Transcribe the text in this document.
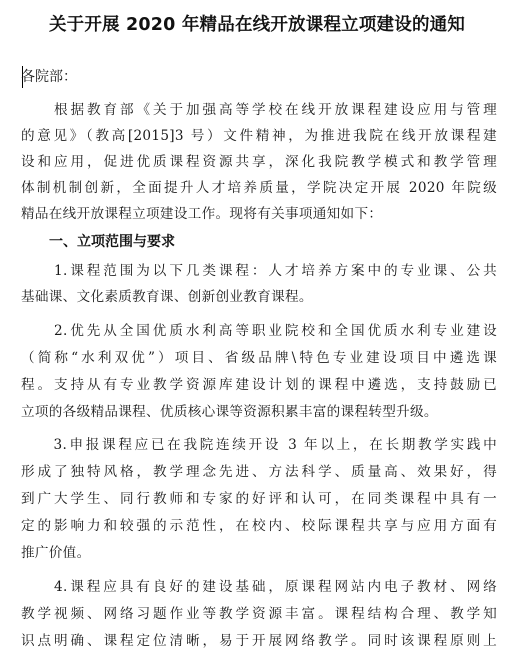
关于开展 2020 年精品在线开放课程立项建设的通知
各院部：
　　根据教育部《关于加强高等学校在线开放课程建设应用与管理
的意见》（教高[2015]3 号）文件精神，为推进我院在线开放课程建
设和应用，促进优质课程资源共享，深化我院教学模式和教学管理
体制机制创新，全面提升人才培养质量，学院决定开展 2020 年院级
精品在线开放课程立项建设工作。现将有关事项通知如下：
一、立项范围与要求
　　1.课程范围为以下几类课程：人才培养方案中的专业课、公共
基础课、文化素质教育课、创新创业教育课程。
　　2.优先从全国优质水利高等职业院校和全国优质水利专业建设
（简称“水利双优”）项目、省级品牌\特色专业建设项目中遴选课
程。支持从有专业教学资源库建设计划的课程中遴选，支持鼓励已
立项的各级精品课程、优质核心课等资源积累丰富的课程转型升级。
　　3.申报课程应已在我院连续开设 3 年以上，在长期教学实践中
形成了独特风格，教学理念先进、方法科学、质量高、效果好，得
到广大学生、同行教师和专家的好评和认可，在同类课程中具有一
定的影响力和较强的示范性，在校内、校际课程共享与应用方面有
推广价值。
　　4.课程应具有良好的建设基础，原课程网站内电子教材、网络
教学视频、网络习题作业等教学资源丰富。课程结构合理、教学知
识点明确、课程定位清晰，易于开展网络教学。同时该课程原则上
